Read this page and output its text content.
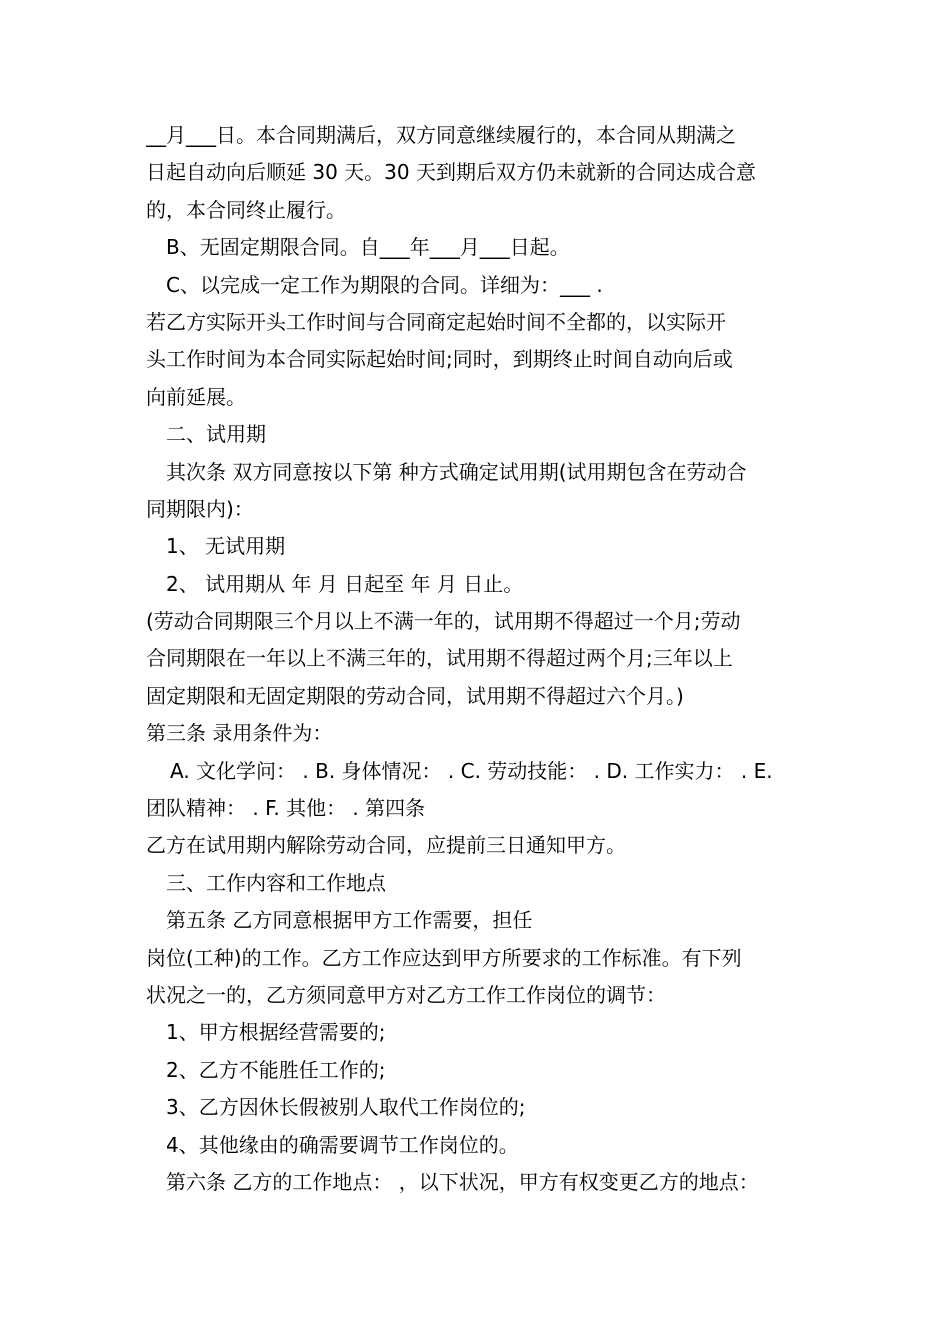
__月___日。本合同期满后，双方同意继续履行的，本合同从期满之
日起自动向后顺延 30 天。30 天到期后双方仍未就新的合同达成合意
的，本合同终止履行。
B、无固定期限合同。自___年___月___日起。
C、以完成一定工作为期限的合同。详细为：___ .
若乙方实际开头工作时间与合同商定起始时间不全都的，以实际开
头工作时间为本合同实际起始时间;同时，到期终止时间自动向后或
向前延展。
二、试用期
其次条 双方同意按以下第 种方式确定试用期(试用期包含在劳动合
同期限内)：
1、 无试用期
2、 试用期从 年 月 日起至 年 月 日止。
(劳动合同期限三个月以上不满一年的，试用期不得超过一个月;劳动
合同期限在一年以上不满三年的，试用期不得超过两个月;三年以上
固定期限和无固定期限的劳动合同，试用期不得超过六个月。)
第三条 录用条件为：
A. 文化学问： . B. 身体情况： . C. 劳动技能： . D. 工作实力： . E.
团队精神： . F. 其他： . 第四条
乙方在试用期内解除劳动合同，应提前三日通知甲方。
三、工作内容和工作地点
第五条 乙方同意根据甲方工作需要，担任
岗位(工种)的工作。乙方工作应达到甲方所要求的工作标准。有下列
状况之一的，乙方须同意甲方对乙方工作工作岗位的调节：
1、甲方根据经营需要的;
2、乙方不能胜任工作的;
3、乙方因休长假被别人取代工作岗位的;
4、其他缘由的确需要调节工作岗位的。
第六条 乙方的工作地点： ，以下状况，甲方有权变更乙方的地点：
